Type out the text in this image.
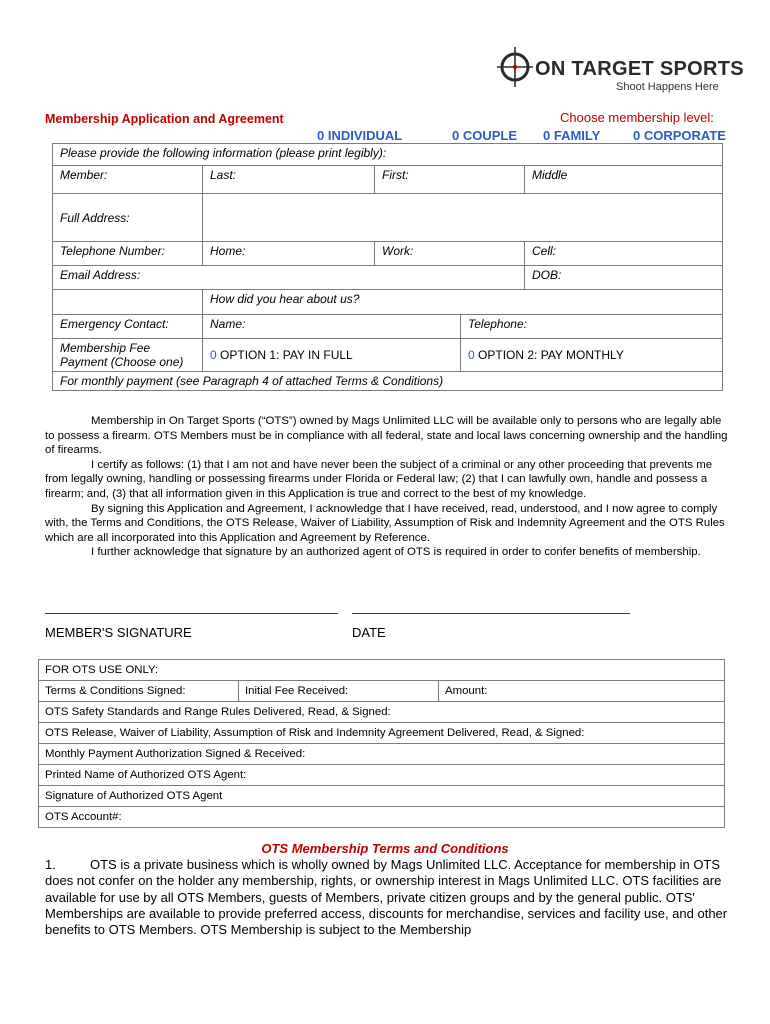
ON TARGET SPORTS
Shoot Happens Here
Membership Application and Agreement	Choose membership level:
0 INDIVIDUAL	0 COUPLE 0 FAMILY	0 CORPORATE
Please provide the following information (please print legibly):				
Member:	Last:	First:		Middle
Full Address:				
Telephone Number:	Home:	Work:		Cell:
Email Address:				DOB:
	How did you hear about us?			
Emergency Contact:	Name:		Telephone:	
Membership Fee Payment (Choose one)	0 OPTION 1: PAY IN FULL		0 OPTION 2: PAY MONTHLY	
For monthly payment (see Paragraph 4 of attached Terms & Conditions)				

Membership in On Target Sports (“OTS”) owned by Mags Unlimited LLC will be available only to persons who are legally able to possess a firearm. OTS Members must be in compliance with all federal, state and local laws concerning ownership and the handling of firearms.

I certify as follows: (1) that I am not and have never been the subject of a criminal or any other proceeding that prevents me from legally owning, handling or possessing firearms under Florida or Federal law; (2) that I can lawfully own, handle and possess a firearm; and, (3) that all information given in this Application is true and correct to the best of my knowledge.

By signing this Application and Agreement, I acknowledge that I have received, read, understood, and I now agree to comply with, the Terms and Conditions, the OTS Release, Waiver of Liability, Assumption of Risk and Indemnity Agreement and the OTS Rules which are all incorporated into this Application and Agreement by Reference.

I further acknowledge that signature by an authorized agent of OTS is required in order to confer benefits of membership.

MEMBER'S SIGNATURE	DATE
FOR OTS USE ONLY:
Terms & Conditions Signed:	Initial Fee Received:	Amount:
OTS Safety Standards and Range Rules Delivered, Read, & Signed:
OTS Release, Waiver of Liability, Assumption of Risk and Indemnity Agreement Delivered, Read, & Signed:
Monthly Payment Authorization Signed & Received:
Printed Name of Authorized OTS Agent:
Signature of Authorized OTS Agent
OTS Account#:
OTS Membership Terms and Conditions
1.	OTS is a private business which is wholly owned by Mags Unlimited LLC. Acceptance for membership in OTS does not confer on the holder any membership, rights, or ownership interest in Mags Unlimited LLC. OTS facilities are available for use by all OTS Members, guests of Members, private citizen groups and by the general public. OTS' Memberships are available to provide preferred access, discounts for merchandise, services and facility use, and other benefits to OTS Members. OTS Membership is subject to the Membership
